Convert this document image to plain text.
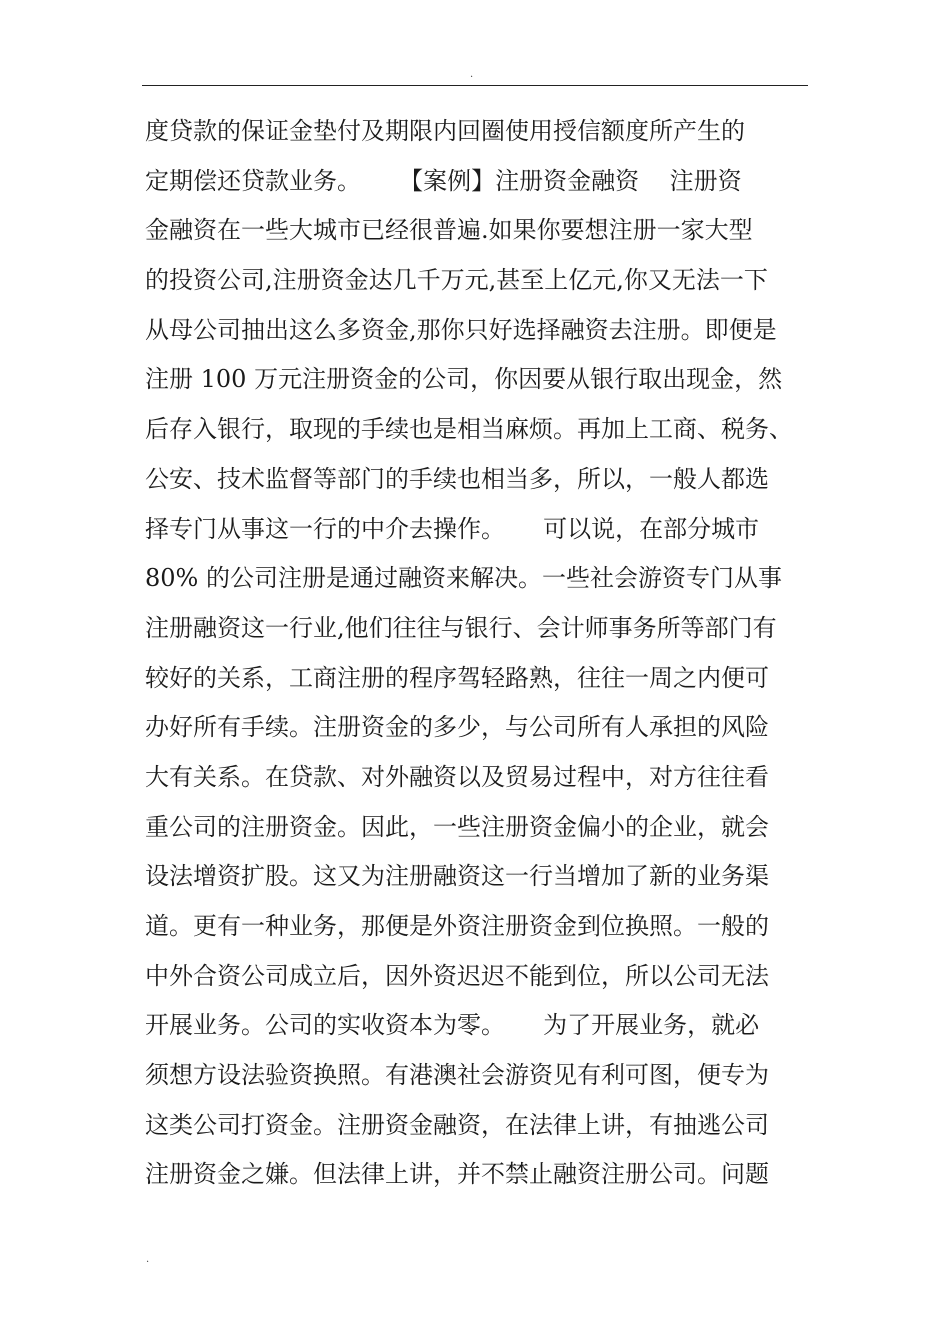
.
度贷款的保证金垫付及期限内回圈使用授信额度所产生的
定期偿还贷款业务。     【案例】注册资金融资    注册资
金融资在一些大城市已经很普遍.如果你要想注册一家大型
的投资公司,注册资金达几千万元,甚至上亿元,你又无法一下
从母公司抽出这么多资金,那你只好选择融资去注册。即便是
注册 100 万元注册资金的公司，你因要从银行取出现金，然
后存入银行，取现的手续也是相当麻烦。再加上工商、税务、
公安、技术监督等部门的手续也相当多，所以，一般人都选
择专门从事这一行的中介去操作。     可以说，在部分城市
80% 的公司注册是通过融资来解决。一些社会游资专门从事
注册融资这一行业,他们往往与银行、会计师事务所等部门有
较好的关系，工商注册的程序驾轻路熟，往往一周之内便可
办好所有手续。注册资金的多少，与公司所有人承担的风险
大有关系。在贷款、对外融资以及贸易过程中，对方往往看
重公司的注册资金。因此，一些注册资金偏小的企业，就会
设法增资扩股。这又为注册融资这一行当增加了新的业务渠
道。更有一种业务，那便是外资注册资金到位换照。一般的
中外合资公司成立后，因外资迟迟不能到位，所以公司无法
开展业务。公司的实收资本为零。     为了开展业务，就必
须想方设法验资换照。有港澳社会游资见有利可图，便专为
这类公司打资金。注册资金融资，在法律上讲，有抽逃公司
注册资金之嫌。但法律上讲，并不禁止融资注册公司。问题
.
